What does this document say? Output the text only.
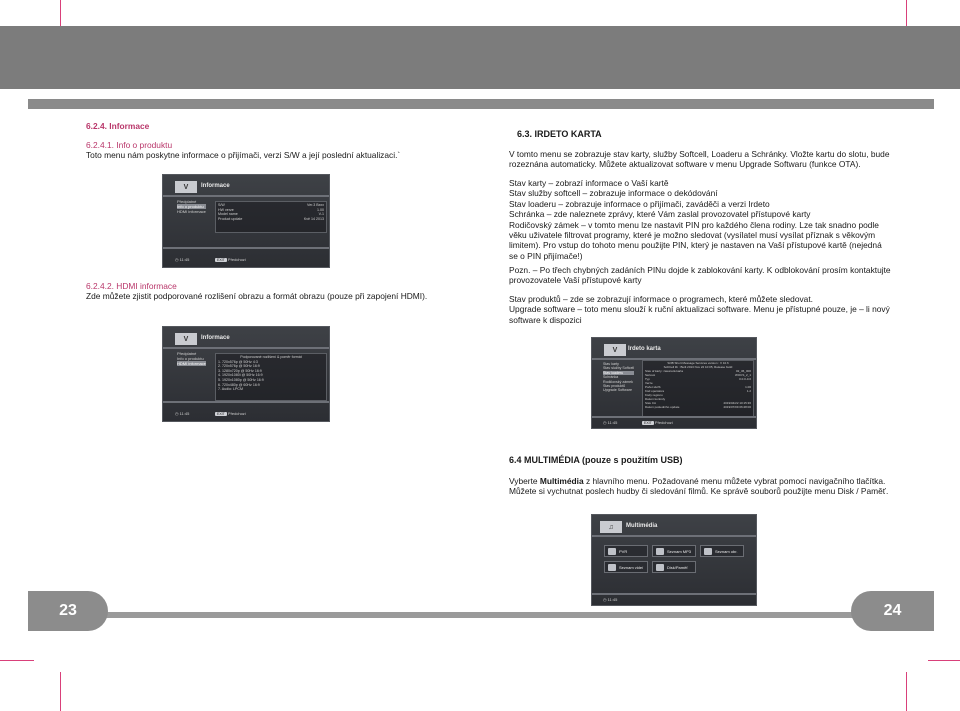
23	24
6.2.4. Informace
6.2.4.1. Info o produktu
Toto menu nám poskytne informace o přijímači, verzi S/W a její poslední aktualizaci.`
V	Informace
Předplatné
Info o produktu
HDMI informace
S/W	Ver.3 Bxxx
HW verze	1.00
Model name	V-1
Product update	Kvě 14 2013
◷ 11:45	EXIT Předchozí
6.2.4.2. HDMI informace
Zde můžete zjistit podporované rozlišení obrazu a formát obrazu (pouze při zapojení HDMI).
V	Informace
Předplatné
Info o produktu
HDMI informace
Podporované rozlišení & poměr formát
1. 720x576p @ 50Hz 4:3
2. 720x576p @ 50Hz 16:9
3. 1280x720p @ 50Hz 16:9
4. 1920x1080i @ 50Hz 16:9
5. 1920x1080p @ 50Hz 16:9
6. 720x480p @ 60Hz 16:9
7. Audio: LPCM
◷ 11:45	EXIT Předchozí
6.3. IRDETO KARTA
V tomto menu se zobrazuje stav karty, služby Softcell, Loaderu a Schránky. Vložte kartu do slotu, bude
rozeznána automaticky. Můžete aktualizovat software v menu Upgrade Softwaru (funkce OTA).
Stav karty – zobrazí informace o Vaší kartě
Stav služby softcell – zobrazuje informace o dekódování
Stav loaderu – zobrazuje informace o přijímači, zaváděči a verzi Irdeto
Schránka – zde naleznete zprávy, které Vám zaslal provozovatel přístupové karty
Rodičovský zámek – v tomto menu lze nastavit PIN pro každého člena rodiny. Lze tak snadno podle
věku uživatele filtrovat programy, které je možno sledovat (vysílatel musí vysílat příznak s věkovým
limitem). Pro vstup do tohoto menu použijte PIN, který je nastaven na Vaší přístupové kartě (nejedná
se o PIN přijímače!)
Pozn. – Po třech chybných zadáních PINu dojde k zablokování karty. K odblokování prosím kontaktujte
provozovatele Vaší přístupové karty
Stav produktů – zde se zobrazují informace o programech, které můžete sledovat.
Upgrade software – toto menu slouží k ruční aktualizaci software. Menu je přístupné pouze, je – li nový
software k dispozici
V	Irdeto karta
Stav karty
Stav služby Softcell
Stav loaderu
Schránka
Rodičovský zámek
Stav produktů
Upgrade Software
SOB Short Message Services version : V 10.6
SoftCell lib : Built 2013 Nov 22 10:05, Release build
Stav of karty: zasunutá karta	02_36_000
Sériové	WOCS_2_1
Typ	0.0.0-0.0
Verze
Počet služb	1.00
Kód operátora	1.2
Kódy regionu
Datum kontroly
Stav CA	2019/04/22 10:15:36
Datum posledního update	2019/07/09 06:28:00
◷ 11:45	EXIT Předchozí
6.4 MULTIMÉDIA (pouze s použitím USB)
Vyberte Multimédia z hlavního menu. Požadované menu můžete vybrat pomocí navigačního tlačítka.
Můžete si vychutnat poslech hudby či sledování filmů. Ke správě souborů použijte menu Disk / Paměť.
♫	Multimédia
PVR	Seznam MP3	Seznam obr.
Seznam videí	Disk/Paměť
◷ 11:45
